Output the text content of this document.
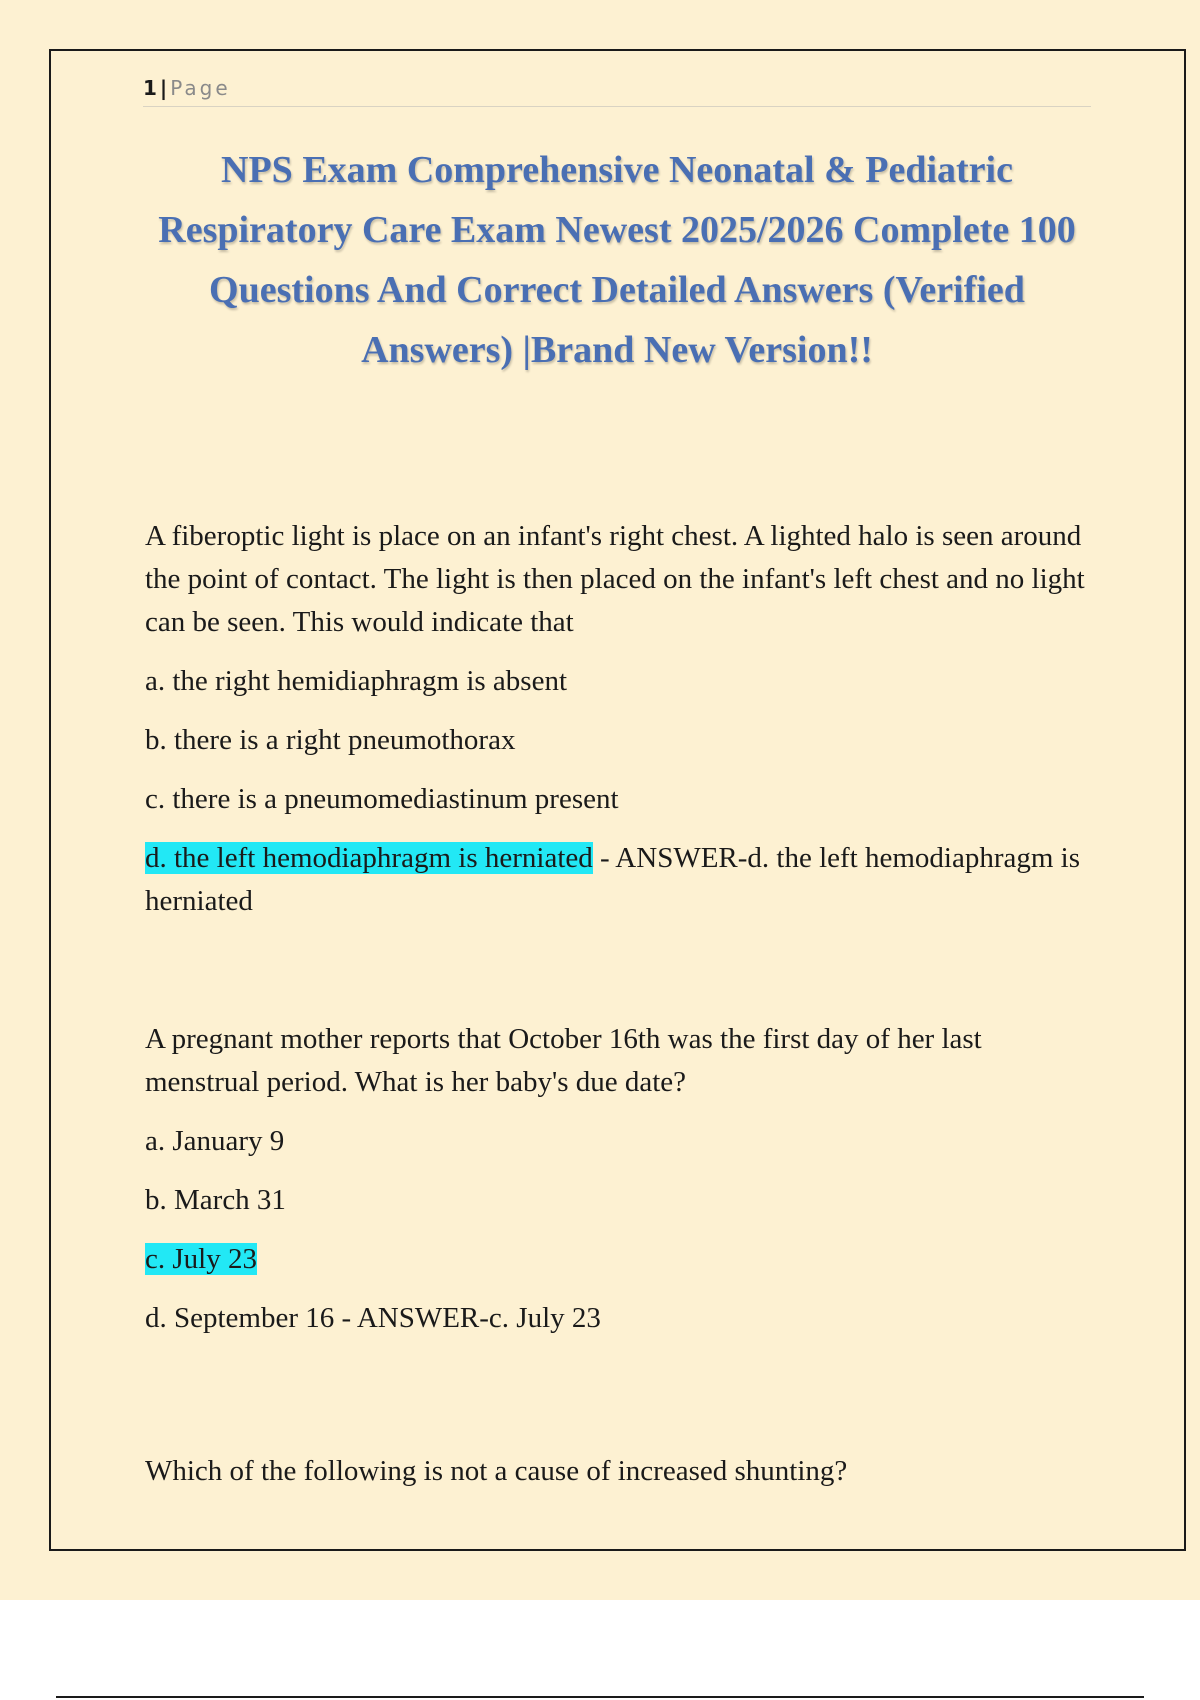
1 | Page
NPS Exam Comprehensive Neonatal & Pediatric Respiratory Care Exam Newest 2025/2026 Complete 100 Questions And Correct Detailed Answers (Verified Answers) |Brand New Version!!

A fiberoptic light is place on an infant's right chest. A lighted halo is seen around the point of contact. The light is then placed on the infant's left chest and no light can be seen. This would indicate that

a. the right hemidiaphragm is absent

b. there is a right pneumothorax

c. there is a pneumomediastinum present

d. the left hemodiaphragm is herniated - ANSWER-d. the left hemodiaphragm is herniated

A pregnant mother reports that October 16th was the first day of her last menstrual period. What is her baby's due date?

a. January 9

b. March 31

c. July 23

d. September 16 - ANSWER-c. July 23

Which of the following is not a cause of increased shunting?
